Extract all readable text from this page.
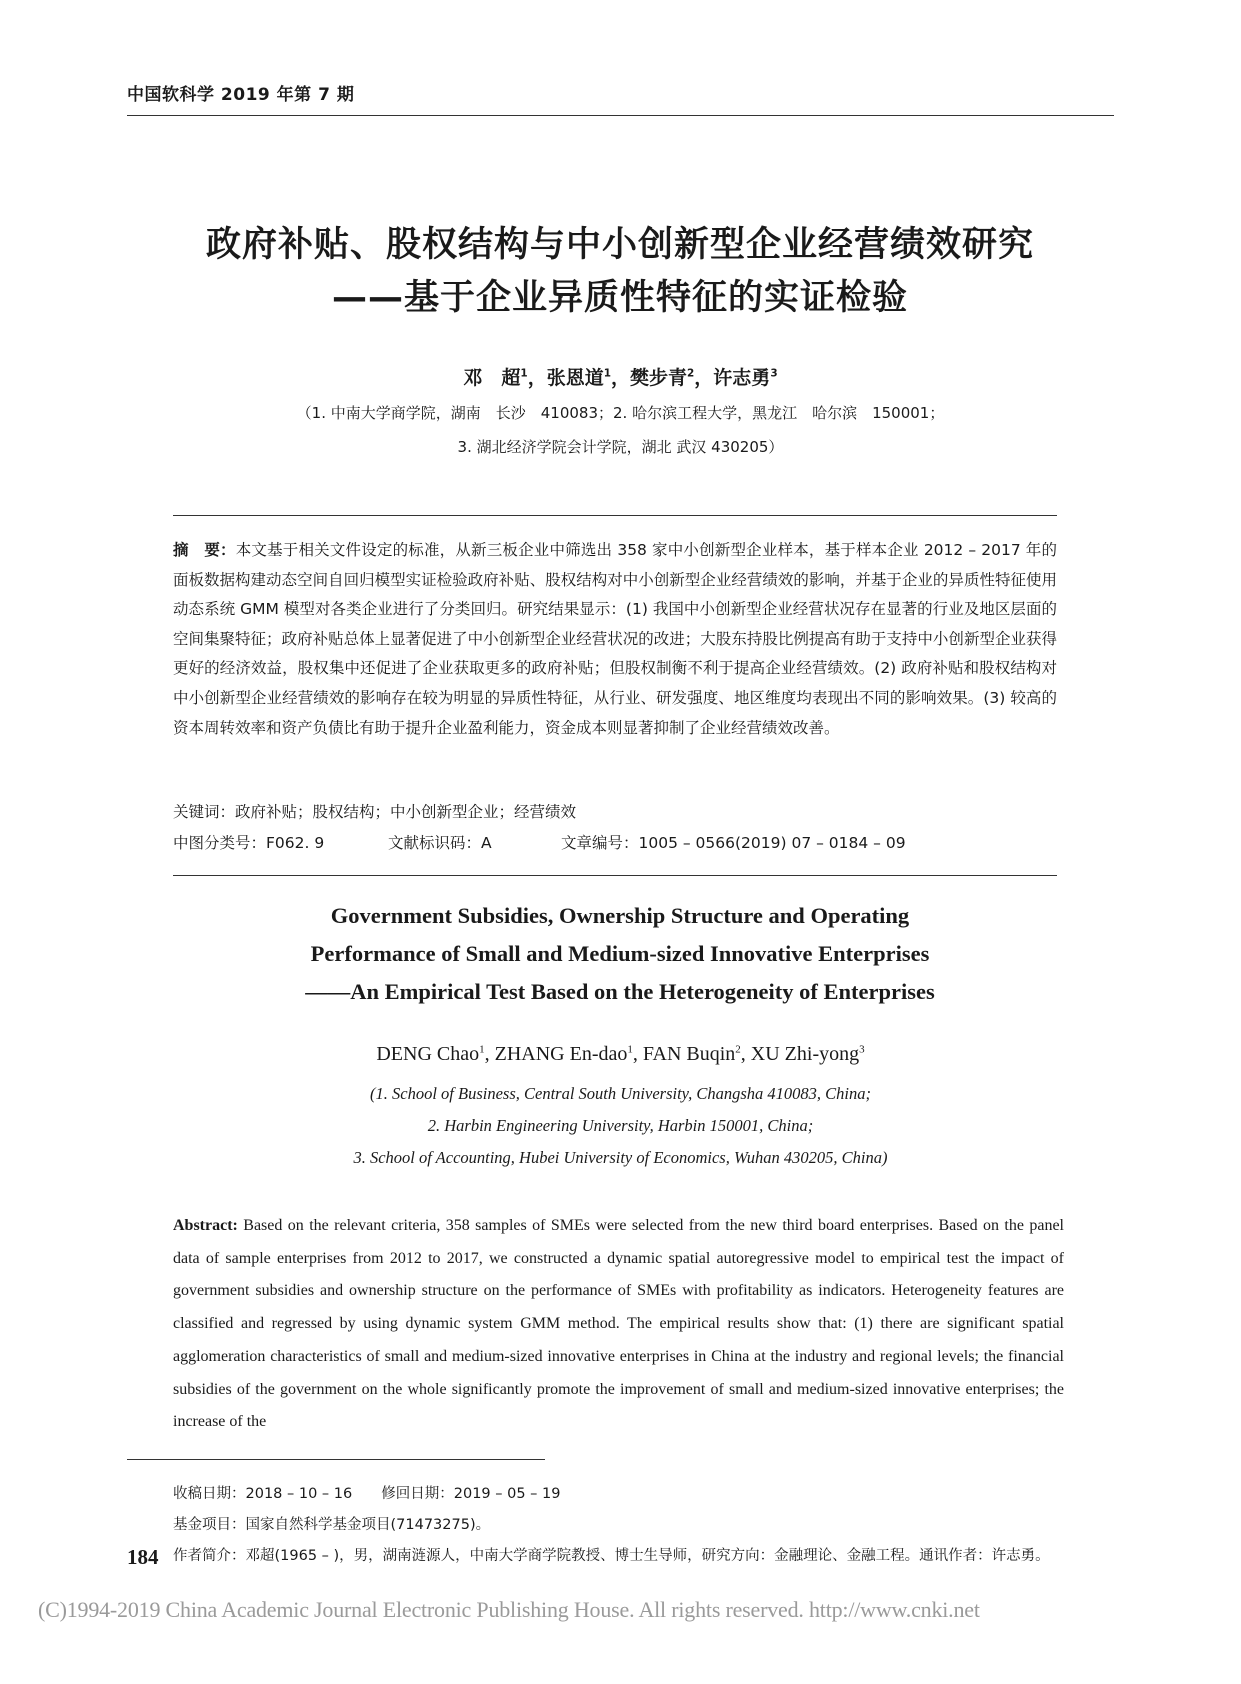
中国软科学 2019 年第 7 期
政府补贴、股权结构与中小创新型企业经营绩效研究
——基于企业异质性特征的实证检验
邓　超$^1$，张恩道$^1$，樊步青$^2$，许志勇$^3$
（1. 中南大学商学院，湖南　长沙　410083；2. 哈尔滨工程大学，黑龙江　哈尔滨　150001；
3. 湖北经济学院会计学院，湖北 武汉 430205）
摘　要：本文基于相关文件设定的标准，从新三板企业中筛选出 358 家中小创新型企业样本，基于样本企业 2012 – 2017 年的面板数据构建动态空间自回归模型实证检验政府补贴、股权结构对中小创新型企业经营绩效的影响，并基于企业的异质性特征使用动态系统 GMM 模型对各类企业进行了分类回归。研究结果显示：(1) 我国中小创新型企业经营状况存在显著的行业及地区层面的空间集聚特征；政府补贴总体上显著促进了中小创新型企业经营状况的改进；大股东持股比例提高有助于支持中小创新型企业获得更好的经济效益，股权集中还促进了企业获取更多的政府补贴；但股权制衡不利于提高企业经营绩效。(2) 政府补贴和股权结构对中小创新型企业经营绩效的影响存在较为明显的异质性特征，从行业、研发强度、地区维度均表现出不同的影响效果。(3) 较高的资本周转效率和资产负债比有助于提升企业盈利能力，资金成本则显著抑制了企业经营绩效改善。
关键词：政府补贴；股权结构；中小创新型企业；经营绩效
中图分类号：F062. 9	文献标识码：A	文章编号：1005 – 0566(2019) 07 – 0184 – 09
Government Subsidies, Ownership Structure and Operating
Performance of Small and Medium-sized Innovative Enterprises
——An Empirical Test Based on the Heterogeneity of Enterprises
DENG Chao$^1$, ZHANG En-dao$^1$, FAN Buqin$^2$, XU Zhi-yong$^3$
(1. School of Business, Central South University, Changsha 410083, China;
2. Harbin Engineering University, Harbin 150001, China;
3. School of Accounting, Hubei University of Economics, Wuhan 430205, China)
Abstract: Based on the relevant criteria, 358 samples of SMEs were selected from the new third board enterprises. Based on the panel data of sample enterprises from 2012 to 2017, we constructed a dynamic spatial autoregressive model to empirical test the impact of government subsidies and ownership structure on the performance of SMEs with profitability as indicators. Heterogeneity features are classified and regressed by using dynamic system GMM method. The empirical results show that: (1) there are significant spatial agglomeration characteristics of small and medium-sized innovative enterprises in China at the industry and regional levels; the financial subsidies of the government on the whole significantly promote the improvement of small and medium-sized innovative enterprises; the increase of the
收稿日期：2018 – 10 – 16　　修回日期：2019 – 05 – 19
基金项目：国家自然科学基金项目(71473275)。
作者简介：邓超(1965 – )，男，湖南涟源人，中南大学商学院教授、博士生导师，研究方向：金融理论、金融工程。通讯作者：许志勇。
184
(C)1994-2019 China Academic Journal Electronic Publishing House. All rights reserved. http://www.cnki.net
